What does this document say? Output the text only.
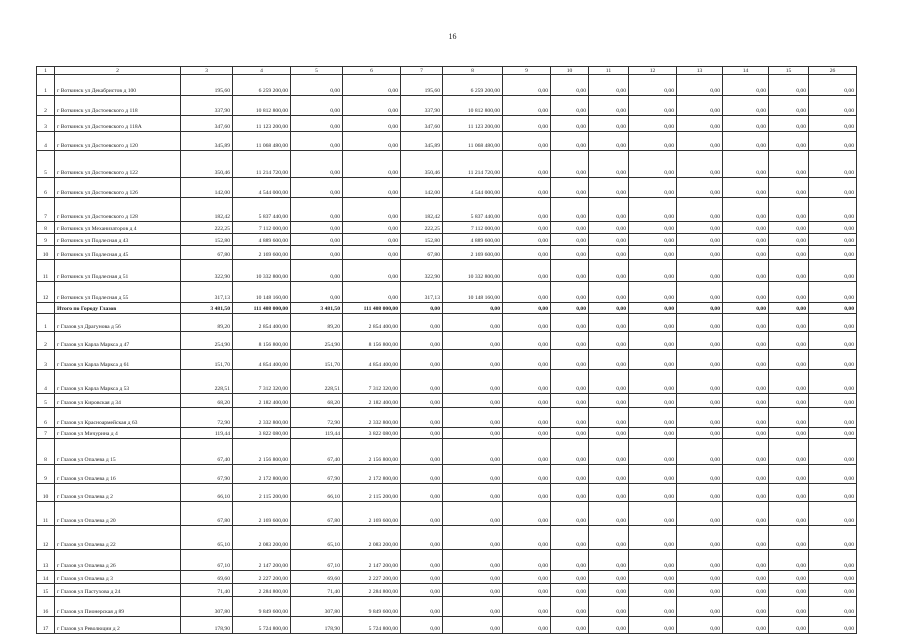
16
1	2	3	4	5	6	7	8	9	10	11	12	13	14	15	26
1	г Воткинск ул Декабристов д 100	195,60	6 259 200,00	0,00	0,00	195,60	6 259 200,00	0,00	0,00	0,00	0,00	0,00	0,00	0,00	0,00
2	г Воткинск ул Достоевского д 118	337,90	10 812 800,00	0,00	0,00	337,90	10 812 800,00	0,00	0,00	0,00	0,00	0,00	0,00	0,00	0,00
3	г Воткинск ул Достоевского д 118А	347,60	11 123 200,00	0,00	0,00	347,60	11 123 200,00	0,00	0,00	0,00	0,00	0,00	0,00	0,00	0,00
4	г Воткинск ул Достоевского д 120	345,89	11 068 480,00	0,00	0,00	345,89	11 068 480,00	0,00	0,00	0,00	0,00	0,00	0,00	0,00	0,00
5	г Воткинск ул Достоевского д 122	350,46	11 214 720,00	0,00	0,00	350,46	11 214 720,00	0,00	0,00	0,00	0,00	0,00	0,00	0,00	0,00
6	г Воткинск ул Достоевского д 126	142,00	4 544 000,00	0,00	0,00	142,00	4 544 000,00	0,00	0,00	0,00	0,00	0,00	0,00	0,00	0,00
7	г Воткинск ул Достоевского д 128	182,42	5 837 440,00	0,00	0,00	182,42	5 837 440,00	0,00	0,00	0,00	0,00	0,00	0,00	0,00	0,00
8	г Воткинск ул Механизаторов д 4	222,25	7 112 000,00	0,00	0,00	222,25	7 112 000,00	0,00	0,00	0,00	0,00	0,00	0,00	0,00	0,00
9	г Воткинск ул Подлесная д 43	152,80	4 889 600,00	0,00	0,00	152,80	4 889 600,00	0,00	0,00	0,00	0,00	0,00	0,00	0,00	0,00
10	г Воткинск ул Подлесная д 45	67,80	2 169 600,00	0,00	0,00	67,80	2 169 600,00	0,00	0,00	0,00	0,00	0,00	0,00	0,00	0,00
11	г Воткинск ул Подлесная д 51	322,90	10 332 800,00	0,00	0,00	322,90	10 332 800,00	0,00	0,00	0,00	0,00	0,00	0,00	0,00	0,00
12	г Воткинск ул Подлесная д 55	317,13	10 148 160,00	0,00	0,00	317,13	10 148 160,00	0,00	0,00	0,00	0,00	0,00	0,00	0,00	0,00
	Итого по Городу Глазов	3 481,50	111 408 000,00	3 481,50	111 408 000,00	0,00	0,00	0,00	0,00	0,00	0,00	0,00	0,00	0,00	0,00
1	г Глазов ул Драгунова д 56	89,20	2 854 400,00	89,20	2 854 400,00	0,00	0,00	0,00	0,00	0,00	0,00	0,00	0,00	0,00	0,00
2	г Глазов ул Карла Маркса д 47	254,90	8 156 800,00	254,90	8 156 800,00	0,00	0,00	0,00	0,00	0,00	0,00	0,00	0,00	0,00	0,00
3	г Глазов ул Карла Маркса д 61	151,70	4 854 400,00	151,70	4 854 400,00	0,00	0,00	0,00	0,00	0,00	0,00	0,00	0,00	0,00	0,00
4	г Глазов ул Карла Маркса д 53	228,51	7 312 320,00	228,51	7 312 320,00	0,00	0,00	0,00	0,00	0,00	0,00	0,00	0,00	0,00	0,00
5	г Глазов ул Кировская д 34	68,20	2 182 400,00	68,20	2 182 400,00	0,00	0,00	0,00	0,00	0,00	0,00	0,00	0,00	0,00	0,00
6	г Глазов ул Красноармейская д 63	72,90	2 332 800,00	72,90	2 332 800,00	0,00	0,00	0,00	0,00	0,00	0,00	0,00	0,00	0,00	0,00
7	г Глазов ул Мичурина д 4	119,44	3 822 080,00	119,44	3 822 080,00	0,00	0,00	0,00	0,00	0,00	0,00	0,00	0,00	0,00	0,00
8	г Глазов ул Опалева д 15	67,40	2 156 800,00	67,40	2 156 800,00	0,00	0,00	0,00	0,00	0,00	0,00	0,00	0,00	0,00	0,00
9	г Глазов ул Опалева д 16	67,90	2 172 800,00	67,90	2 172 800,00	0,00	0,00	0,00	0,00	0,00	0,00	0,00	0,00	0,00	0,00
10	г Глазов ул Опалева д 2	66,10	2 115 200,00	66,10	2 115 200,00	0,00	0,00	0,00	0,00	0,00	0,00	0,00	0,00	0,00	0,00
11	г Глазов ул Опалева д 20	67,80	2 169 600,00	67,80	2 169 600,00	0,00	0,00	0,00	0,00	0,00	0,00	0,00	0,00	0,00	0,00
12	г Глазов ул Опалева д 22	65,10	2 083 200,00	65,10	2 083 200,00	0,00	0,00	0,00	0,00	0,00	0,00	0,00	0,00	0,00	0,00
13	г Глазов ул Опалева д 26	67,10	2 147 200,00	67,10	2 147 200,00	0,00	0,00	0,00	0,00	0,00	0,00	0,00	0,00	0,00	0,00
14	г Глазов ул Опалева д 3	69,60	2 227 200,00	69,60	2 227 200,00	0,00	0,00	0,00	0,00	0,00	0,00	0,00	0,00	0,00	0,00
15	г Глазов ул Пастухова д 24	71,40	2 284 800,00	71,40	2 284 800,00	0,00	0,00	0,00	0,00	0,00	0,00	0,00	0,00	0,00	0,00
16	г Глазов ул Пионерская д 89	307,80	9 849 600,00	307,80	9 849 600,00	0,00	0,00	0,00	0,00	0,00	0,00	0,00	0,00	0,00	0,00
17	г Глазов ул Революции д 2	178,90	5 724 800,00	178,90	5 724 800,00	0,00	0,00	0,00	0,00	0,00	0,00	0,00	0,00	0,00	0,00
